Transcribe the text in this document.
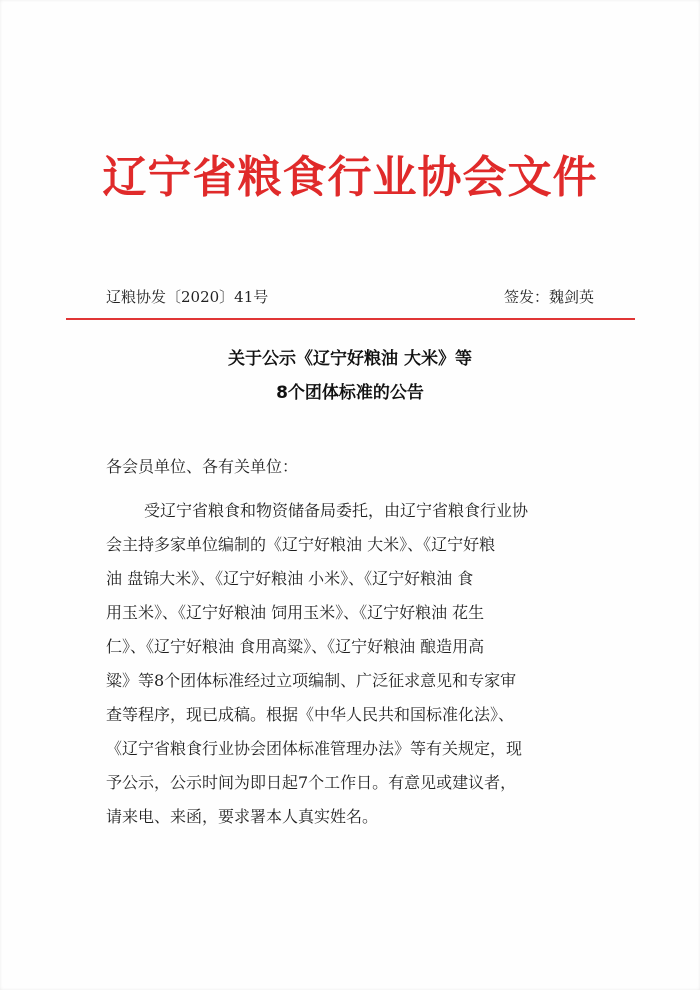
辽宁省粮食行业协会文件
辽粮协发〔2020〕41号	签发：魏剑英
关于公示《辽宁好粮油 大米》等
8个团体标准的公告
各会员单位、各有关单位：
受辽宁省粮食和物资储备局委托，由辽宁省粮食行业协
会主持多家单位编制的《辽宁好粮油 大米》、《辽宁好粮
油 盘锦大米》、《辽宁好粮油 小米》、《辽宁好粮油 食
用玉米》、《辽宁好粮油 饲用玉米》、《辽宁好粮油 花生
仁》、《辽宁好粮油 食用高粱》、《辽宁好粮油 酿造用高
粱》等8个团体标准经过立项编制、广泛征求意见和专家审
查等程序，现已成稿。根据《中华人民共和国标准化法》、
《辽宁省粮食行业协会团体标准管理办法》等有关规定，现
予公示，公示时间为即日起7个工作日。有意见或建议者，
请来电、来函，要求署本人真实姓名。
